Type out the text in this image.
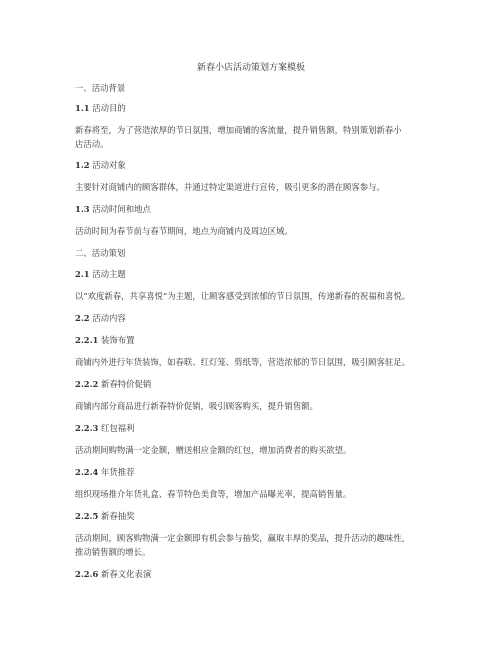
新春小店活动策划方案模板
一、活动背景
1.1 活动目的
新春将至，为了营造浓厚的节日氛围，增加商铺的客流量，提升销售额，特别策划新春小
店活动。
1.2 活动对象
主要针对商铺内的顾客群体，并通过特定渠道进行宣传，吸引更多的潜在顾客参与。
1.3 活动时间和地点
活动时间为春节前与春节期间，地点为商铺内及周边区域。
二、活动策划
2.1 活动主题
以“欢度新春，共享喜悦”为主题，让顾客感受到浓郁的节日氛围，传递新春的祝福和喜悦。
2.2 活动内容
2.2.1 装饰布置
商铺内外进行年货装饰，如春联、红灯笼、剪纸等，营造浓郁的节日氛围，吸引顾客驻足。
2.2.2 新春特价促销
商铺内部分商品进行新春特价促销，吸引顾客购买，提升销售额。
2.2.3 红包福利
活动期间购物满一定金额，赠送相应金额的红包，增加消费者的购买欲望。
2.2.4 年货推荐
组织现场推介年货礼盒、春节特色美食等，增加产品曝光率，提高销售量。
2.2.5 新春抽奖
活动期间，顾客购物满一定金额即有机会参与抽奖，赢取丰厚的奖品，提升活动的趣味性，
推动销售额的增长。
2.2.6 新春文化表演
